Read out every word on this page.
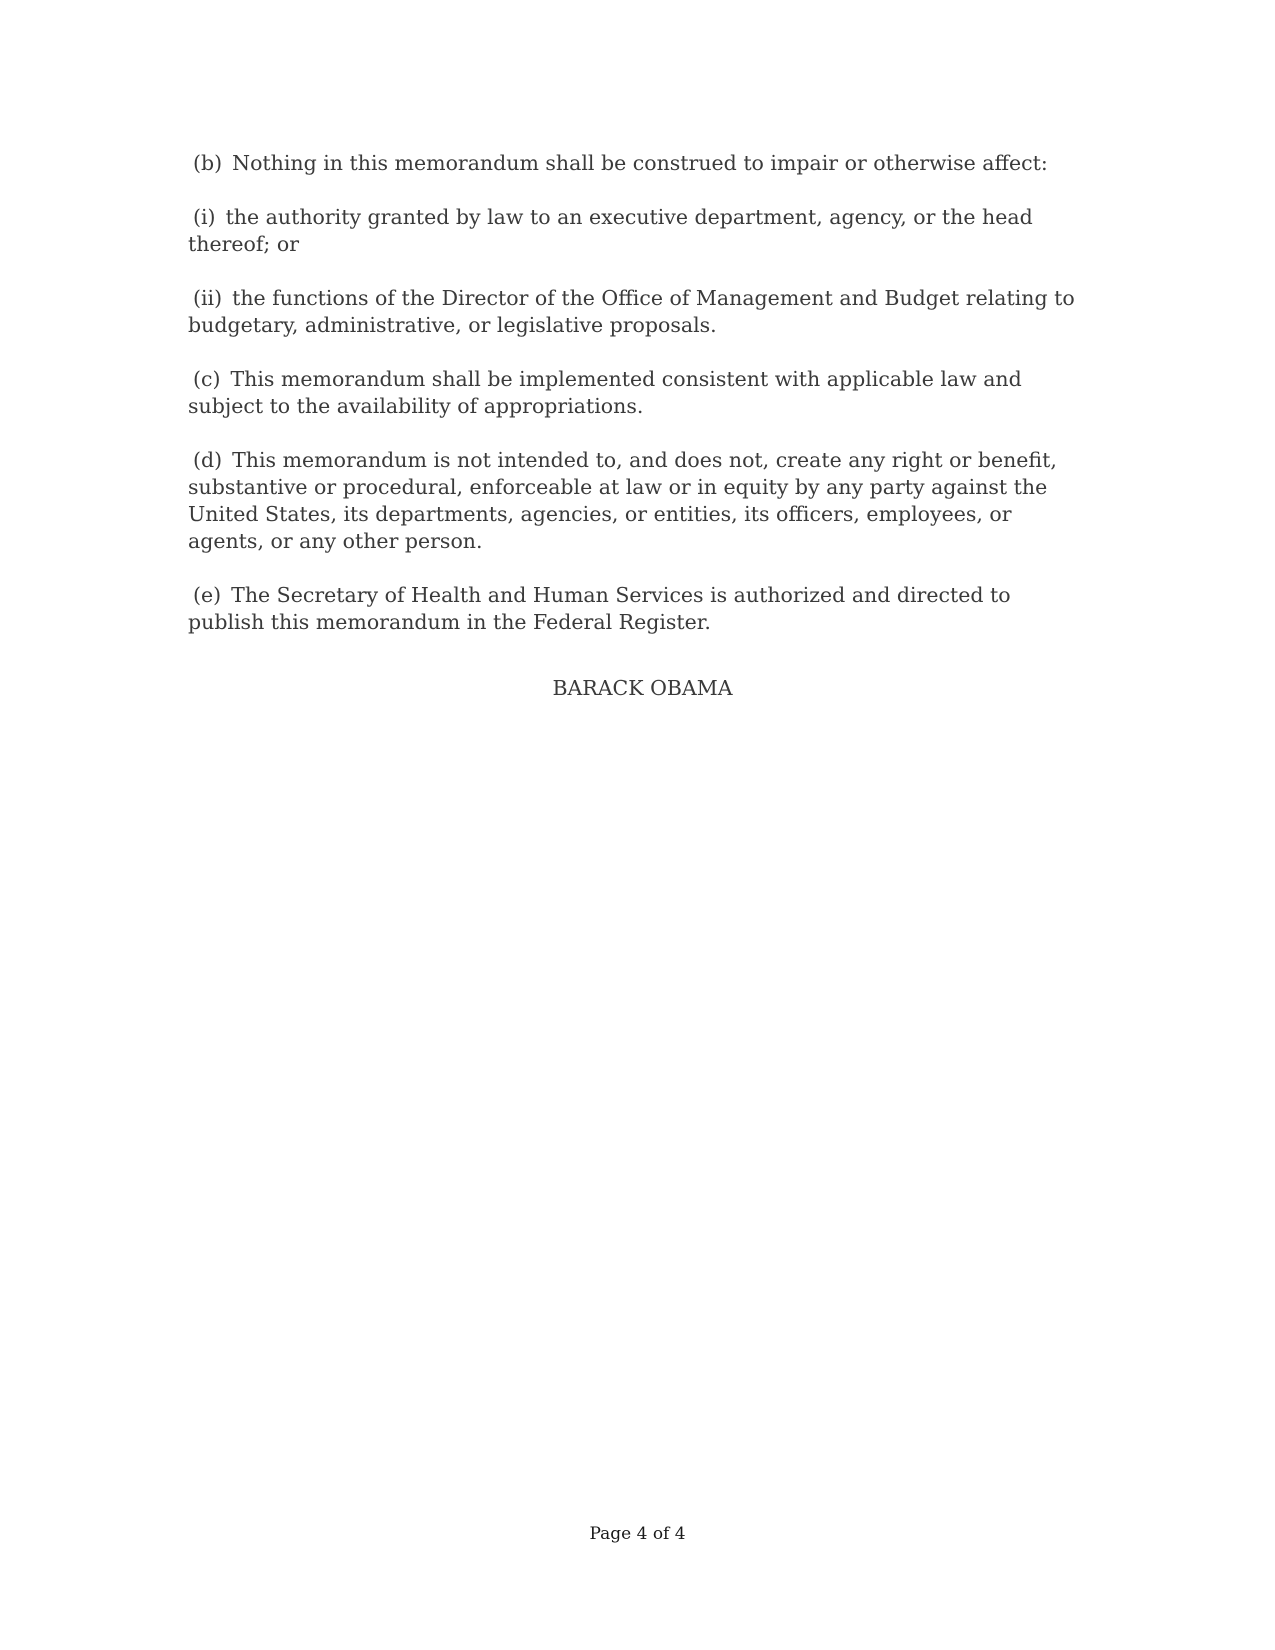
(b) Nothing in this memorandum shall be construed to impair or otherwise affect:

(i) the authority granted by law to an executive department, agency, or the head thereof; or

(ii) the functions of the Director of the Office of Management and Budget relating to budgetary, administrative, or legislative proposals.

(c) This memorandum shall be implemented consistent with applicable law and subject to the availability of appropriations.

(d) This memorandum is not intended to, and does not, create any right or benefit, substantive or procedural, enforceable at law or in equity by any party against the United States, its departments, agencies, or entities, its officers, employees, or agents, or any other person.

(e) The Secretary of Health and Human Services is authorized and directed to publish this memorandum in the Federal Register.

BARACK OBAMA
Page 4 of 4
